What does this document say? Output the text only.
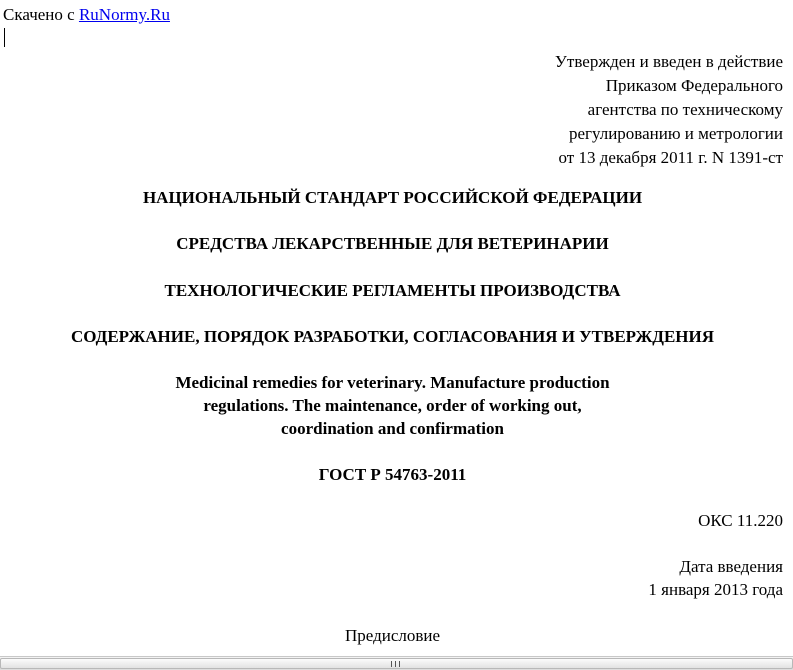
Скачено с RuNormy.Ru
Утвержден и введен в действие
Приказом Федерального
агентства по техническому
регулированию и метрологии
от 13 декабря 2011 г. N 1391-ст
НАЦИОНАЛЬНЫЙ СТАНДАРТ РОССИЙСКОЙ ФЕДЕРАЦИИ
СРЕДСТВА ЛЕКАРСТВЕННЫЕ ДЛЯ ВЕТЕРИНАРИИ
ТЕХНОЛОГИЧЕСКИЕ РЕГЛАМЕНТЫ ПРОИЗВОДСТВА
СОДЕРЖАНИЕ, ПОРЯДОК РАЗРАБОТКИ, СОГЛАСОВАНИЯ И УТВЕРЖДЕНИЯ
Medicinal remedies for veterinary. Manufacture production
regulations. The maintenance, order of working out,
coordination and confirmation
ГОСТ Р 54763-2011
ОКС 11.220
Дата введения
1 января 2013 года
Предисловие
